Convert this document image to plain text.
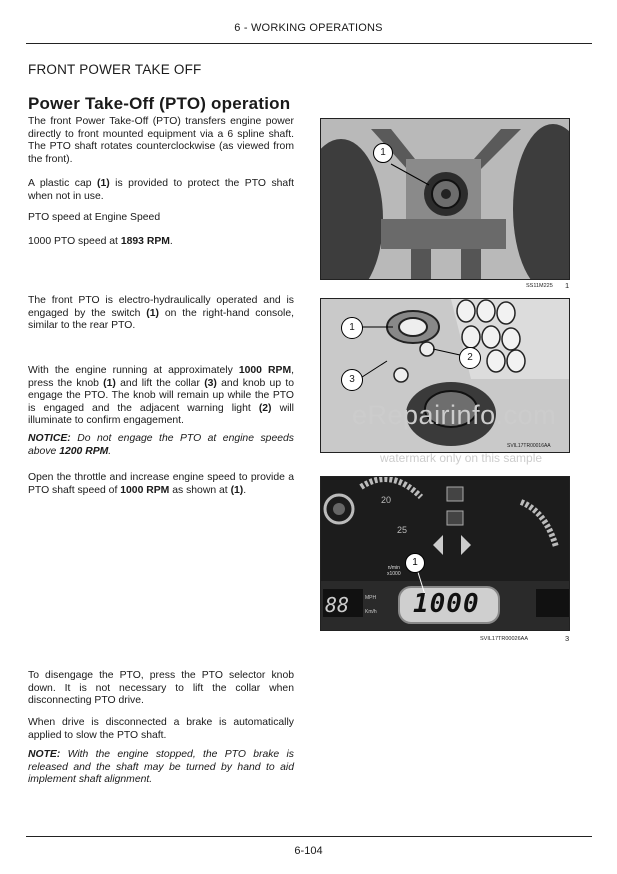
6 - WORKING OPERATIONS
FRONT POWER TAKE OFF
Power Take-Off (PTO) operation
The front Power Take-Off (PTO) transfers engine power directly to front mounted equipment via a 6 spline shaft. The PTO shaft rotates counterclockwise (as viewed from the front).
A plastic cap (1) is provided to protect the PTO shaft when not in use.
PTO speed at Engine Speed
1000 PTO speed at 1893 RPM.
The front PTO is electro-hydraulically operated and is engaged by the switch (1) on the right-hand console, similar to the rear PTO.
With the engine running at approximately 1000 RPM, press the knob (1) and lift the collar (3) and knob up to engage the PTO. The knob will remain up while the PTO is engaged and the adjacent warning light (2) will illuminate to confirm engagement.
NOTICE: Do not engage the PTO at engine speeds above 1200 RPM.
Open the throttle and increase engine speed to provide a PTO shaft speed of 1000 RPM as shown at (1).
To disengage the PTO, press the PTO selector knob down. It is not necessary to lift the collar when disconnecting PTO drive.
When drive is disconnected a brake is automatically applied to slow the PTO shaft.
NOTE: With the engine stopped, the PTO brake is released and the shaft may be turned by hand to aid implement shaft alignment.
1
SS11M225 1
1
2
3
SVIL17TR00016AA
20
25
n/min
x1000
1
1000
88	MPH
Km/h
SVIL17TR00026AA	3
eRepairinfo.com
watermark only on this sample
6-104
